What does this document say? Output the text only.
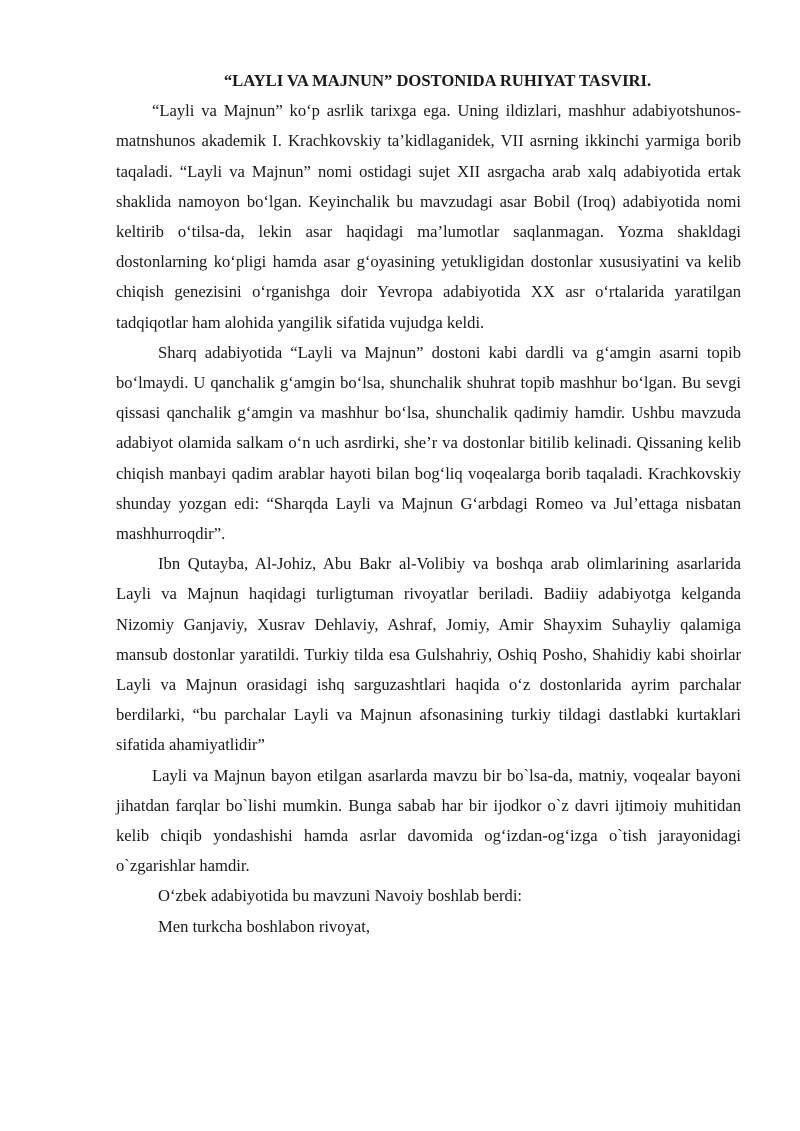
“LAYLI VA MAJNUN” DOSTONIDA RUHIYAT TASVIRI.

“Layli va Majnun” ko‘p asrlik tarixga ega. Uning ildizlari, mashhur adabiyotshunos-matnshunos akademik I. Krachkovskiy ta’kidlaganidek, VII asrning ikkinchi yarmiga borib taqaladi. “Layli va Majnun” nomi ostidagi sujet XII asrgacha arab xalq adabiyotida ertak shaklida namoyon bo‘lgan. Keyinchalik bu mavzudagi asar Bobil (Iroq) adabiyotida nomi keltirib o‘tilsa-da, lekin asar haqidagi ma’lumotlar saqlanmagan. Yozma shakldagi dostonlarning ko‘pligi hamda asar g‘oyasining yetukligidan dostonlar xususiyatini va kelib chiqish genezisini o‘rganishga doir Yevropa adabiyotida XX asr o‘rtalarida yaratilgan tadqiqotlar ham alohida yangilik sifatida vujudga keldi.

Sharq adabiyotida “Layli va Majnun” dostoni kabi dardli va g‘amgin asarni topib bo‘lmaydi. U qanchalik g‘amgin bo‘lsa, shunchalik shuhrat topib mashhur bo‘lgan. Bu sevgi qissasi qanchalik g‘amgin va mashhur bo‘lsa, shunchalik qadimiy hamdir. Ushbu mavzuda adabiyot olamida salkam o‘n uch asrdirki, she’r va dostonlar bitilib kelinadi. Qissaning kelib chiqish manbayi qadim arablar hayoti bilan bog‘liq voqealarga borib taqaladi. Krachkovskiy shunday yozgan edi: “Sharqda Layli va Majnun G‘arbdagi Romeo va Jul’ettaga nisbatan mashhurroqdir”.

Ibn Qutayba, Al-Johiz, Abu Bakr al-Volibiy va boshqa arab olimlarining asarlarida Layli va Majnun haqidagi turligtuman rivoyatlar beriladi. Badiiy adabiyotga kelganda Nizomiy Ganjaviy, Xusrav Dehlaviy, Ashraf, Jomiy, Amir Shayxim Suhayliy qalamiga mansub dostonlar yaratildi. Turkiy tilda esa Gulshahriy, Oshiq Posho, Shahidiy kabi shoirlar Layli va Majnun orasidagi ishq sarguzashtlari haqida o‘z dostonlarida ayrim parchalar berdilarki, “bu parchalar Layli va Majnun afsonasining turkiy tildagi dastlabki kurtaklari sifatida ahamiyatlidir”

Layli va Majnun bayon etilgan asarlarda mavzu bir bo`lsa-da, matniy, voqealar bayoni jihatdan farqlar bo`lishi mumkin. Bunga sabab har bir ijodkor o`z davri ijtimoiy muhitidan kelib chiqib yondashishi hamda asrlar davomida og‘izdan-og‘izga o`tish jarayonidagi o`zgarishlar hamdir.

O‘zbek adabiyotida bu mavzuni Navoiy boshlab berdi:

Men turkcha boshlabon rivoyat,
